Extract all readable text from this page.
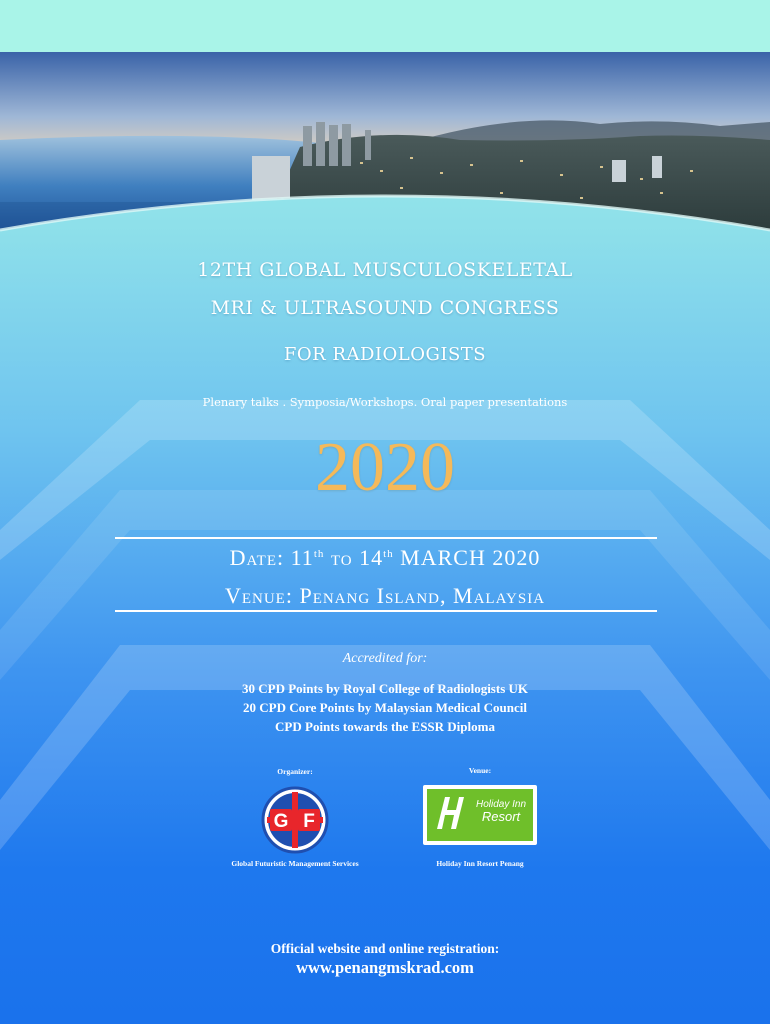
12TH GLOBAL MUSCULOSKELETAL
MRI & ULTRASOUND CONGRESS
FOR RADIOLOGISTS
Plenary talks . Symposia/Workshops. Oral paper presentations
2020
Date: 11th to 14th MARCH 2020
Venue: Penang Island, Malaysia
Accredited for:
30 CPD Points by Royal College of Radiologists UK
20 CPD Core Points by Malaysian Medical Council
CPD Points towards the ESSR Diploma
Organizer:
G F
Global Futuristic Management Services
Venue:
Holiday Inn
Resort
Holiday Inn Resort Penang
Official website and online registration:
www.penangmskrad.com
